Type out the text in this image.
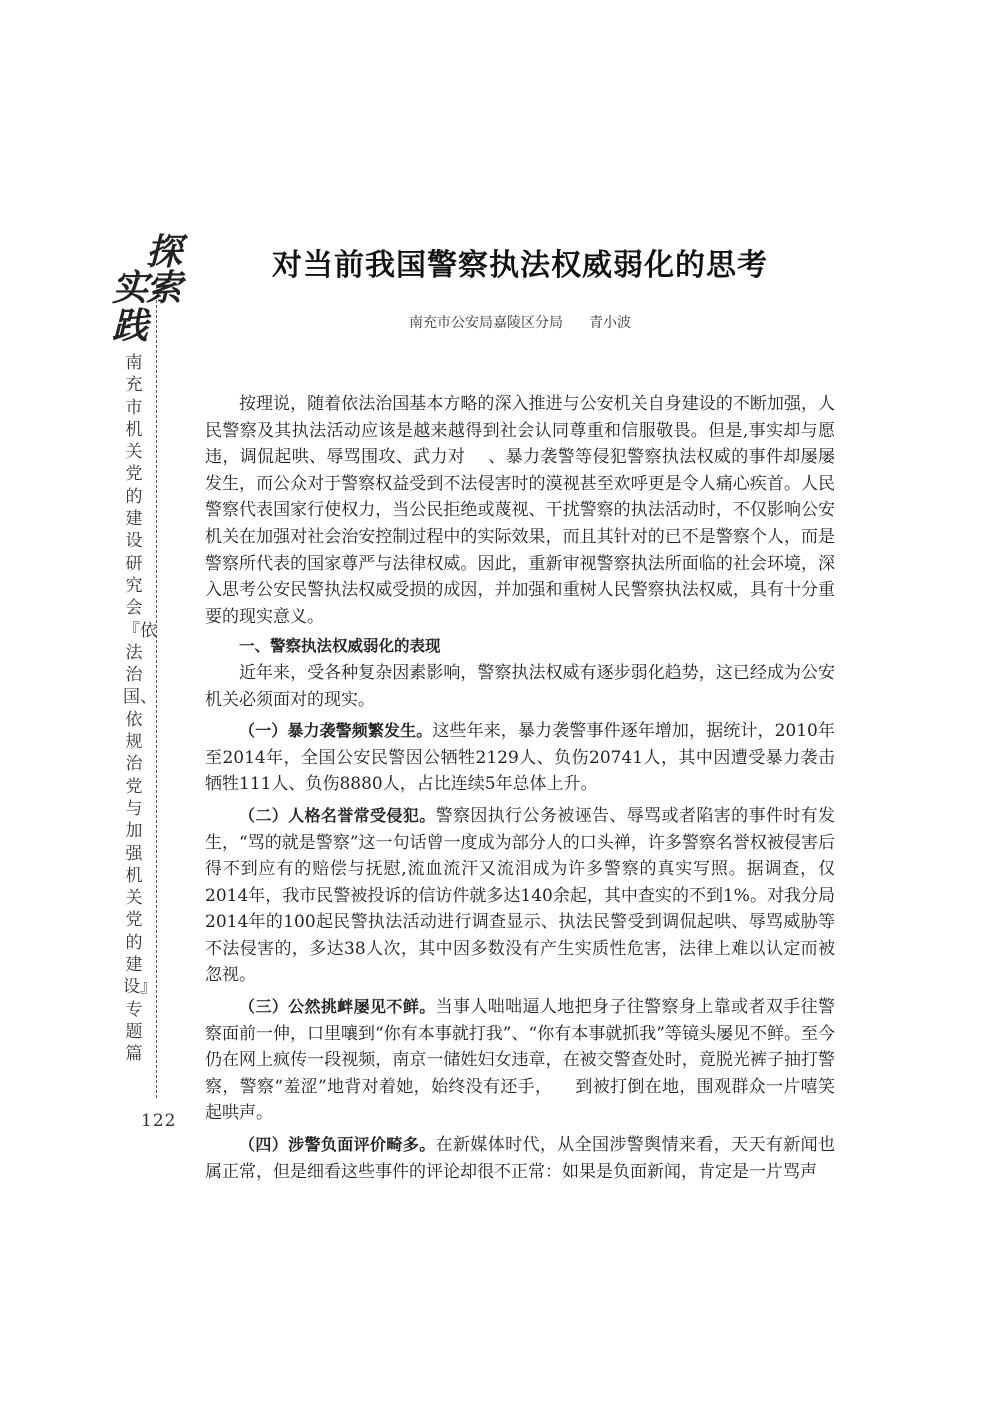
探
实
索
践
南充市机关党的建设研究会『依法治国、依规治党与加强机关党的建设』专题篇
122
对当前我国警察执法权威弱化的思考
南充市公安局嘉陵区分局 青小波

按理说，随着依法治国基本方略的深入推进与公安机关自身建设的不断加强，人民警察及其执法活动应该是越来越得到社会认同尊重和信服敬畏。但是,事实却与愿违，调侃起哄、辱骂围攻、武力对 　、暴力袭警等侵犯警察执法权威的事件却屡屡发生，而公众对于警察权益受到不法侵害时的漠视甚至欢呼更是令人痛心疾首。人民警察代表国家行使权力，当公民拒绝或蔑视、干扰警察的执法活动时，不仅影响公安机关在加强对社会治安控制过程中的实际效果，而且其针对的已不是警察个人，而是警察所代表的国家尊严与法律权威。因此，重新审视警察执法所面临的社会环境，深入思考公安民警执法权威受损的成因，并加强和重树人民警察执法权威，具有十分重要的现实意义。

一、警察执法权威弱化的表现

近年来，受各种复杂因素影响，警察执法权威有逐步弱化趋势，这已经成为公安机关必须面对的现实。

（一）暴力袭警频繁发生。这些年来，暴力袭警事件逐年增加，据统计，2010年至2014年，全国公安民警因公牺牲2129人、负伤20741人，其中因遭受暴力袭击牺牲111人、负伤8880人，占比连续5年总体上升。

（二）人格名誉常受侵犯。警察因执行公务被诬告、辱骂或者陷害的事件时有发生，“骂的就是警察”这一句话曾一度成为部分人的口头禅，许多警察名誉权被侵害后得不到应有的赔偿与抚慰,流血流汗又流泪成为许多警察的真实写照。据调查，仅2014年，我市民警被投诉的信访件就多达140余起，其中查实的不到1%。对我分局2014年的100起民警执法活动进行调查显示、执法民警受到调侃起哄、辱骂威胁等不法侵害的，多达38人次，其中因多数没有产生实质性危害，法律上难以认定而被忽视。

（三）公然挑衅屡见不鲜。当事人咄咄逼人地把身子往警察身上靠或者双手往警察面前一伸，口里嚷到“你有本事就打我”、“你有本事就抓我”等镜头屡见不鲜。至今仍在网上疯传一段视频，南京一储姓妇女违章，在被交警查处时，竟脱光裤子抽打警察，警察“羞涩”地背对着她，始终没有还手， 　到被打倒在地，围观群众一片嘻笑起哄声。

（四）涉警负面评价畸多。在新媒体时代，从全国涉警舆情来看，天天有新闻也属正常，但是细看这些事件的评论却很不正常：如果是负面新闻，肯定是一片骂声
